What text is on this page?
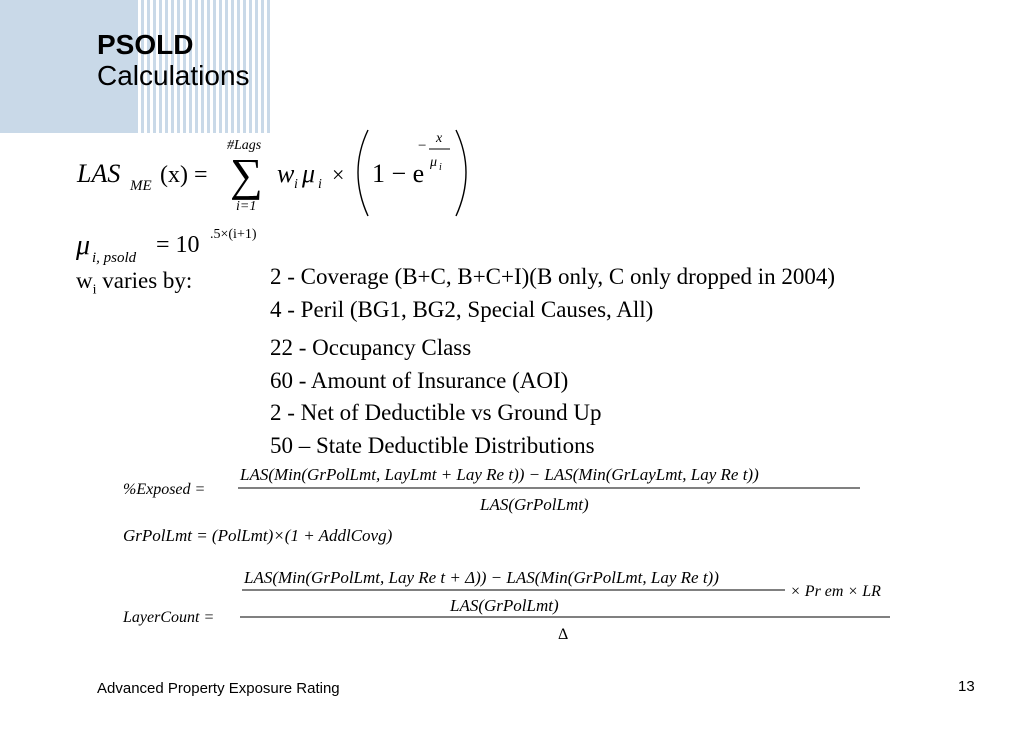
PSOLD
Calculations
LAS ME (x) =
#Lags
∑
i=1
w i μ i × 1 − e
− x
μ i
μ i, psold = 10 .5×(i+1)
$w_i$ varies by:	2 - Coverage (B+C, B+C+I)(B only, C only dropped in 2004)
4 - Peril (BG1, BG2, Special Causes, All)
22 - Occupancy Class
60 - Amount of Insurance (AOI)
2 - Net of Deductible vs Ground Up
50 – State Deductible Distributions
%Exposed =
LAS(Min(GrPolLmt, LayLmt + Lay Re t)) − LAS(Min(GrLayLmt, Lay Re t))
LAS(GrPolLmt)
GrPolLmt = (PolLmt)×(1 + AddlCovg)
LayerCount =
LAS(Min(GrPolLmt, Lay Re t + Δ)) − LAS(Min(GrPolLmt, Lay Re t))
LAS(GrPolLmt)
× Pr em × LR
Δ
Advanced Property Exposure Rating	13
